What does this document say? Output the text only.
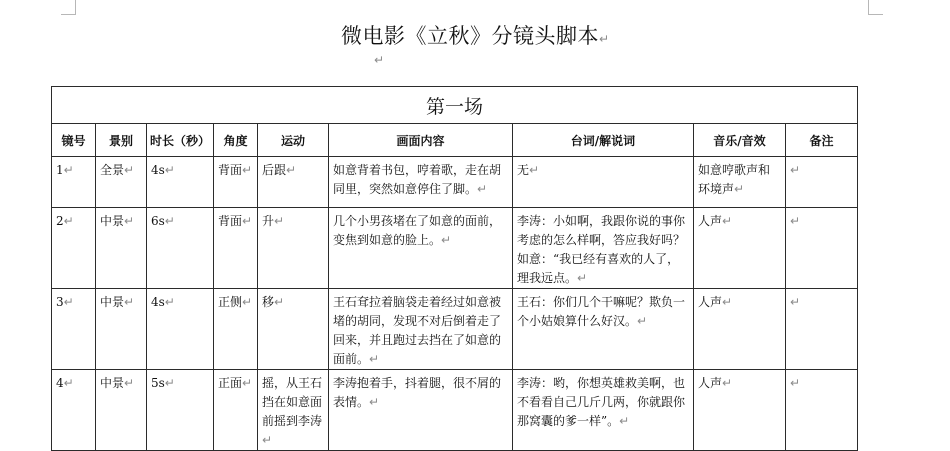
微电影《立秋》分镜头脚本↵
↵
第一场								
镜号	景别	时长（秒）	角度	运动	画面内容	台词/解说词	音乐/音效	备注
1↵	全景↵	4s↵	背面↵	后跟↵	如意背着书包，哼着歌，走在胡同里，突然如意停住了脚。↵	无↵	如意哼歌声和环境声↵	↵
2↵	中景↵	6s↵	背面↵	升↵	几个小男孩堵在了如意的面前，变焦到如意的脸上。↵	李涛：小如啊，我跟你说的事你考虑的怎么样啊，答应我好吗？如意：“我已经有喜欢的人了，理我远点。↵	人声↵	↵
3↵	中景↵	4s↵	正侧↵	移↵	王石耷拉着脑袋走着经过如意被堵的胡同，发现不对后倒着走了回来，并且跑过去挡在了如意的面前。↵	王石：你们几个干嘛呢？欺负一个小姑娘算什么好汉。↵	人声↵	↵
4↵	中景↵	5s↵	正面↵	摇，从王石挡在如意面前摇到李涛↵	李涛抱着手，抖着腿，很不屑的表情。↵	李涛：哟，你想英雄救美啊，也不看看自己几斤几两，你就跟你那窝囊的爹一样”。↵	人声↵	↵
